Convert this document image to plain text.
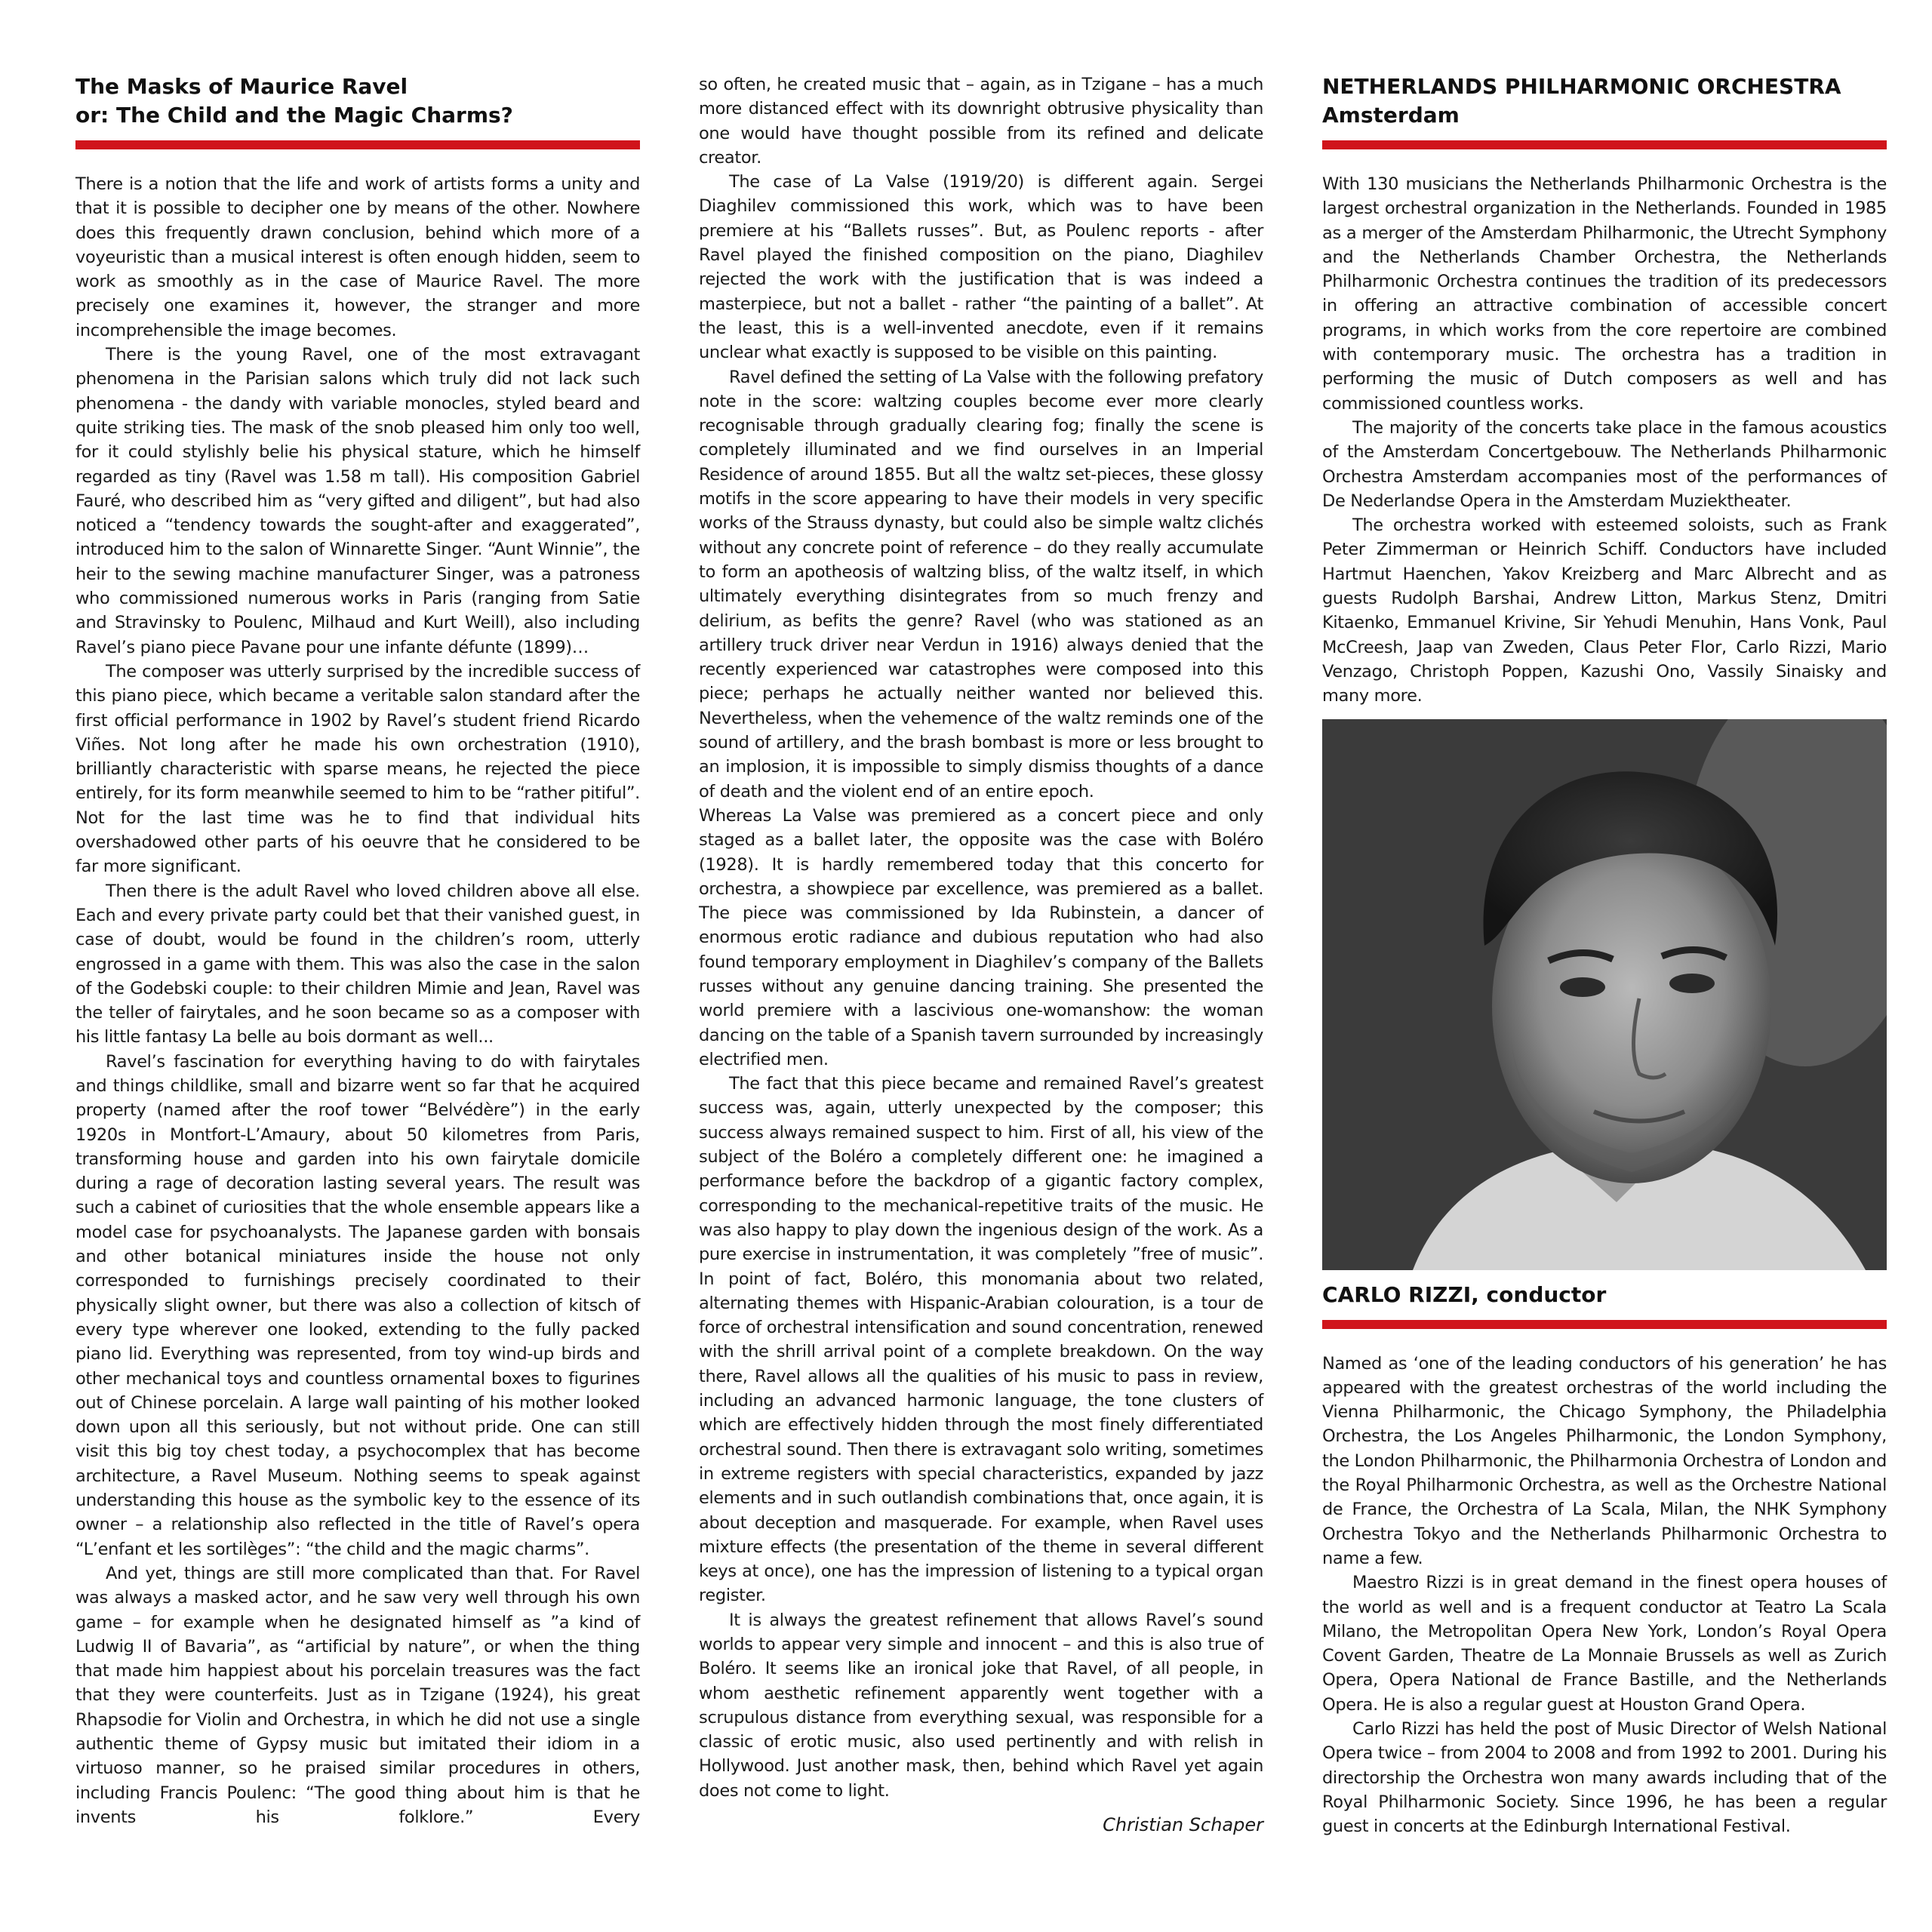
The Masks of Maurice Ravel
or: The Child and the Magic Charms?

There is a notion that the life and work of artists forms a unity and that it is possible to decipher one by means of the other. Nowhere does this frequently drawn conclusion, behind which more of a voyeuristic than a musical interest is often enough hidden, seem to work as smoothly as in the case of Maurice Ravel. The more precisely one examines it, however, the stranger and more incomprehensible the image becomes.

There is the young Ravel, one of the most extravagant phenomena in the Parisian salons which truly did not lack such phenomena - the dandy with variable monocles, styled beard and quite striking ties. The mask of the snob pleased him only too well, for it could stylishly belie his physical stature, which he himself regarded as tiny (Ravel was 1.58 m tall). His composition Gabriel Fauré, who described him as “very gifted and diligent”, but had also noticed a “tendency towards the sought-after and exaggerated”, introduced him to the salon of Winnarette Singer. “Aunt Winnie”, the heir to the sewing machine manufacturer Singer, was a patroness who commissioned numerous works in Paris (ranging from Satie and Stravinsky to Poulenc, Milhaud and Kurt Weill), also including Ravel’s piano piece Pavane pour une infante défunte (1899)…

The composer was utterly surprised by the incredible success of this piano piece, which became a veritable salon standard after the first official performance in 1902 by Ravel’s student friend Ricardo Viñes. Not long after he made his own orchestration (1910), brilliantly characteristic with sparse means, he rejected the piece entirely, for its form meanwhile seemed to him to be “rather pitiful”. Not for the last time was he to find that individual hits overshadowed other parts of his oeuvre that he considered to be far more significant.

Then there is the adult Ravel who loved children above all else. Each and every private party could bet that their vanished guest, in case of doubt, would be found in the children’s room, utterly engrossed in a game with them. This was also the case in the salon of the Godebski couple: to their children Mimie and Jean, Ravel was the teller of fairytales, and he soon became so as a composer with his little fantasy La belle au bois dormant as well...

Ravel’s fascination for everything having to do with fairytales and things childlike, small and bizarre went so far that he acquired property (named after the roof tower “Belvédère”) in the early 1920s in Montfort-L’Amaury, about 50 kilometres from Paris, transforming house and garden into his own fairytale domicile during a rage of decoration lasting several years. The result was such a cabinet of curiosities that the whole ensemble appears like a model case for psychoanalysts. The Japanese garden with bonsais and other botanical miniatures inside the house not only corresponded to furnishings precisely coordinated to their physically slight owner, but there was also a collection of kitsch of every type wherever one looked, extending to the fully packed piano lid. Everything was represented, from toy wind-up birds and other mechanical toys and countless ornamental boxes to figurines out of Chinese porcelain. A large wall painting of his mother looked down upon all this seriously, but not without pride. One can still visit this big toy chest today, a psychocomplex that has become architecture, a Ravel Museum. Nothing seems to speak against understanding this house as the symbolic key to the essence of its owner – a relationship also reflected in the title of Ravel’s opera “L’enfant et les sortilèges”: “the child and the magic charms”.

And yet, things are still more complicated than that. For Ravel was always a masked actor, and he saw very well through his own game – for example when he designated himself as ”a kind of Ludwig II of Bavaria”, as “artificial by nature”, or when the thing that made him happiest about his porcelain treasures was the fact that they were counterfeits. Just as in Tzigane (1924), his great Rhapsodie for Violin and Orchestra, in which he did not use a single authentic theme of Gypsy music but imitated their idiom in a virtuoso manner, so he praised similar procedures in others, including Francis Poulenc: “The good thing about him is that he invents his folklore.” Every

so often, he created music that – again, as in Tzigane – has a much more distanced effect with its downright obtrusive physicality than one would have thought possible from its refined and delicate creator.

The case of La Valse (1919/20) is different again. Sergei Diaghilev commissioned this work, which was to have been premiere at his “Ballets russes”. But, as Poulenc reports - after Ravel played the finished composition on the piano, Diaghilev rejected the work with the justification that is was indeed a masterpiece, but not a ballet - rather “the painting of a ballet”. At the least, this is a well-invented anecdote, even if it remains unclear what exactly is supposed to be visible on this painting.

Ravel defined the setting of La Valse with the following prefatory note in the score: waltzing couples become ever more clearly recognisable through gradually clearing fog; finally the scene is completely illuminated and we find ourselves in an Imperial Residence of around 1855. But all the waltz set-pieces, these glossy motifs in the score appearing to have their models in very specific works of the Strauss dynasty, but could also be simple waltz clichés without any concrete point of reference – do they really accumulate to form an apotheosis of waltzing bliss, of the waltz itself, in which ultimately everything disintegrates from so much frenzy and delirium, as befits the genre? Ravel (who was stationed as an artillery truck driver near Verdun in 1916) always denied that the recently experienced war catastrophes were composed into this piece; perhaps he actually neither wanted nor believed this. Nevertheless, when the vehemence of the waltz reminds one of the sound of artillery, and the brash bombast is more or less brought to an implosion, it is impossible to simply dismiss thoughts of a dance of death and the violent end of an entire epoch.

Whereas La Valse was premiered as a concert piece and only staged as a ballet later, the opposite was the case with Boléro (1928). It is hardly remembered today that this concerto for orchestra, a showpiece par excellence, was premiered as a ballet. The piece was commissioned by Ida Rubinstein, a dancer of enormous erotic radiance and dubious reputation who had also found temporary employment in Diaghilev’s company of the Ballets russes without any genuine dancing training. She presented the world premiere with a lascivious one-womanshow: the woman dancing on the table of a Spanish tavern surrounded by increasingly electrified men.

The fact that this piece became and remained Ravel’s greatest success was, again, utterly unexpected by the composer; this success always remained suspect to him. First of all, his view of the subject of the Boléro a completely different one: he imagined a performance before the backdrop of a gigantic factory complex, corresponding to the mechanical-repetitive traits of the music. He was also happy to play down the ingenious design of the work. As a pure exercise in instrumentation, it was completely ”free of music”. In point of fact, Boléro, this monomania about two related, alternating themes with Hispanic-Arabian colouration, is a tour de force of orchestral intensification and sound concentration, renewed with the shrill arrival point of a complete breakdown. On the way there, Ravel allows all the qualities of his music to pass in review, including an advanced harmonic language, the tone clusters of which are effectively hidden through the most finely differentiated orchestral sound. Then there is extravagant solo writing, sometimes in extreme registers with special characteristics, expanded by jazz elements and in such outlandish combinations that, once again, it is about deception and masquerade. For example, when Ravel uses mixture effects (the presentation of the theme in several different keys at once), one has the impression of listening to a typical organ register.

It is always the greatest refinement that allows Ravel’s sound worlds to appear very simple and innocent – and this is also true of Boléro. It seems like an ironical joke that Ravel, of all people, in whom aesthetic refinement apparently went together with a scrupulous distance from everything sexual, was responsible for a classic of erotic music, also used pertinently and with relish in Hollywood. Just another mask, then, behind which Ravel yet again does not come to light.

Christian Schaper
NETHERLANDS PHILHARMONIC ORCHESTRA
Amsterdam

With 130 musicians the Netherlands Philharmonic Orchestra is the largest orchestral organization in the Netherlands. Founded in 1985 as a merger of the Amsterdam Philharmonic, the Utrecht Symphony and the Netherlands Chamber Orchestra, the Netherlands Philharmonic Orchestra continues the tradition of its predecessors in offering an attractive combination of accessible concert programs, in which works from the core repertoire are combined with contemporary music. The orchestra has a tradition in performing the music of Dutch composers as well and has commissioned countless works.

The majority of the concerts take place in the famous acoustics of the Amsterdam Concertgebouw. The Netherlands Philharmonic Orchestra Amsterdam accompanies most of the performances of De Nederlandse Opera in the Amsterdam Muziektheater.

The orchestra worked with esteemed soloists, such as Frank Peter Zimmerman or Heinrich Schiff. Conductors have included Hartmut Haenchen, Yakov Kreizberg and Marc Albrecht and as guests Rudolph Barshai, Andrew Litton, Markus Stenz, Dmitri Kitaenko, Emmanuel Krivine, Sir Yehudi Menuhin, Hans Vonk, Paul McCreesh, Jaap van Zweden, Claus Peter Flor, Carlo Rizzi, Mario Venzago, Christoph Poppen, Kazushi Ono, Vassily Sinaisky and many more.

CARLO RIZZI, conductor

Named as ‘one of the leading conductors of his generation’ he has appeared with the greatest orchestras of the world including the Vienna Philharmonic, the Chicago Symphony, the Philadelphia Orchestra, the Los Angeles Philharmonic, the London Symphony, the London Philharmonic, the Philharmonia Orchestra of London and the Royal Philharmonic Orchestra, as well as the Orchestre National de France, the Orchestra of La Scala, Milan, the NHK Symphony Orchestra Tokyo and the Netherlands Philharmonic Orchestra to name a few.

Maestro Rizzi is in great demand in the finest opera houses of the world as well and is a frequent conductor at Teatro La Scala Milano, the Metropolitan Opera New York, London’s Royal Opera Covent Garden, Theatre de La Monnaie Brussels as well as Zurich Opera, Opera National de France Bastille, and the Netherlands Opera. He is also a regular guest at Houston Grand Opera.

Carlo Rizzi has held the post of Music Director of Welsh National Opera twice – from 2004 to 2008 and from 1992 to 2001. During his directorship the Orchestra won many awards including that of the Royal Philharmonic Society. Since 1996, he has been a regular guest in concerts at the Edinburgh International Festival.
